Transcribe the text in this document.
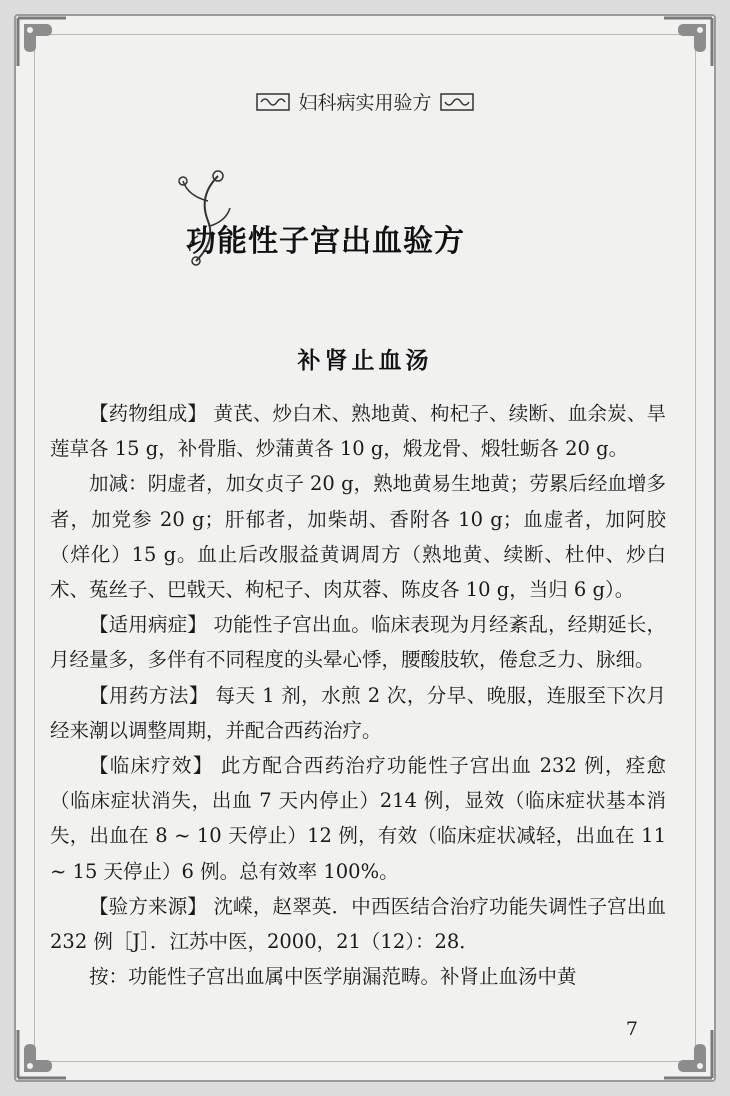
妇科病实用验方
功能性子宫出血验方
补肾止血汤

【药物组成】 黄芪、炒白术、熟地黄、枸杞子、续断、血余炭、旱莲草各 15 g，补骨脂、炒蒲黄各 10 g，煅龙骨、煅牡蛎各 20 g。

加减：阴虚者，加女贞子 20 g，熟地黄易生地黄；劳累后经血增多者，加党参 20 g；肝郁者，加柴胡、香附各 10 g；血虚者，加阿胶（烊化）15 g。血止后改服益黄调周方（熟地黄、续断、杜仲、炒白术、菟丝子、巴戟天、枸杞子、肉苁蓉、陈皮各 10 g，当归 6 g）。

【适用病症】 功能性子宫出血。临床表现为月经紊乱，经期延长，月经量多，多伴有不同程度的头晕心悸，腰酸肢软，倦怠乏力、脉细。

【用药方法】 每天 1 剂，水煎 2 次，分早、晚服，连服至下次月经来潮以调整周期，并配合西药治疗。

【临床疗效】 此方配合西药治疗功能性子宫出血 232 例，痊愈（临床症状消失，出血 7 天内停止）214 例，显效（临床症状基本消失，出血在 8 ~ 10 天停止）12 例，有效（临床症状减轻，出血在 11 ~ 15 天停止）6 例。总有效率 100%。

【验方来源】 沈嵘，赵翠英．中西医结合治疗功能失调性子宫出血 232 例［J］．江苏中医，2000，21（12）：28．

按：功能性子宫出血属中医学崩漏范畴。补肾止血汤中黄

7
